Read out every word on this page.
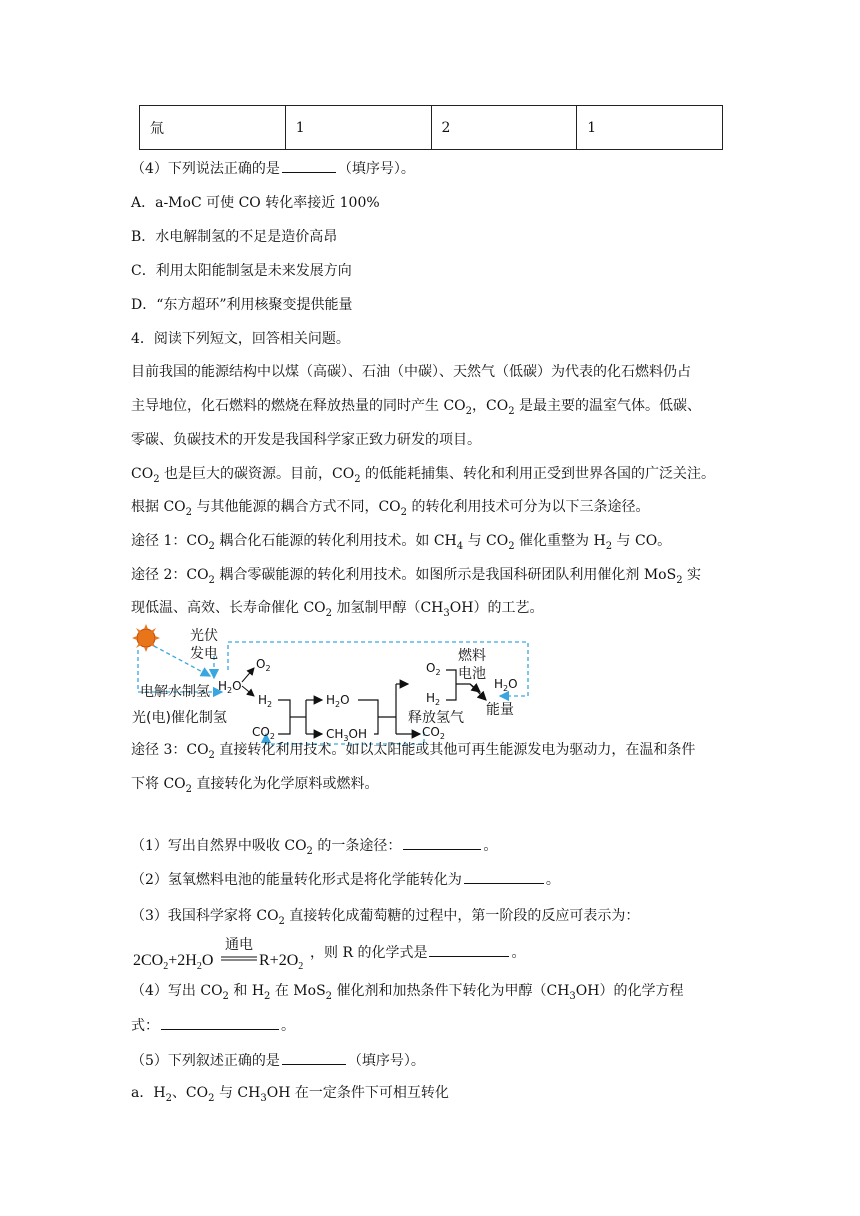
氚	1	2	1
（4）下列说法正确的是	（填序号）。
A．a-MoC 可使 CO 转化率接近 100%
B．水电解制氢的不足是造价高昂
C．利用太阳能制氢是未来发展方向
D．“东方超环”利用核聚变提供能量
4．阅读下列短文，回答相关问题。
目前我国的能源结构中以煤（高碳）、石油（中碳）、天然气（低碳）为代表的化石燃料仍占
主导地位，化石燃料的燃烧在释放热量的同时产生 $CO_2$，$CO_2$ 是最主要的温室气体。低碳、
零碳、负碳技术的开发是我国科学家正致力研发的项目。
$CO_2$ 也是巨大的碳资源。目前，$CO_2$ 的低能耗捕集、转化和利用正受到世界各国的广泛关注。
根据 $CO_2$ 与其他能源的耦合方式不同，$CO_2$ 的转化利用技术可分为以下三条途径。
途径 1：$CO_2$ 耦合化石能源的转化利用技术。如 $CH_4$ 与 $CO_2$ 催化重整为 $H_2$ 与 CO。
途径 2：$CO_2$ 耦合零碳能源的转化利用技术。如图所示是我国科研团队利用催化剂 MoS$_2$ 实
现低温、高效、长寿命催化 $CO_2$ 加氢制甲醇$(CH_3OH)$的工艺。
光伏
发电
$O_2$
$H_2O$
电解水制氢	$H_2$
光(电)催化制氢
$CO_2$
$H_2O$
$CH_3OH$
释放氢气
$O_2$
$H_2$
$CO_2$
燃料
电池
$H_2O$
能量
途径 3：$CO_2$ 直接转化利用技术。如以太阳能或其他可再生能源发电为驱动力，在温和条件
下将 $CO_2$ 直接转化为化学原料或燃料。
（1）写出自然界中吸收 $CO_2$ 的一条途径：	。
（2）氢氧燃料电池的能量转化形式是将化学能转化为	。
（3）我国科学家将 $CO_2$ 直接转化成葡萄糖的过程中，第一阶段的反应可表示为：
$2CO_2+2H_2O$
通电
$R+2O_2$
，则 R 的化学式是	。
（4）写出 $CO_2$ 和 $H_2$ 在 MoS$_2$ 催化剂和加热条件下转化为甲醇$(CH_3OH)$的化学方程
式：	。
（5）下列叙述正确的是	（填序号）。
a．$H_2$、$CO_2$ 与 $CH_3OH$ 在一定条件下可相互转化
